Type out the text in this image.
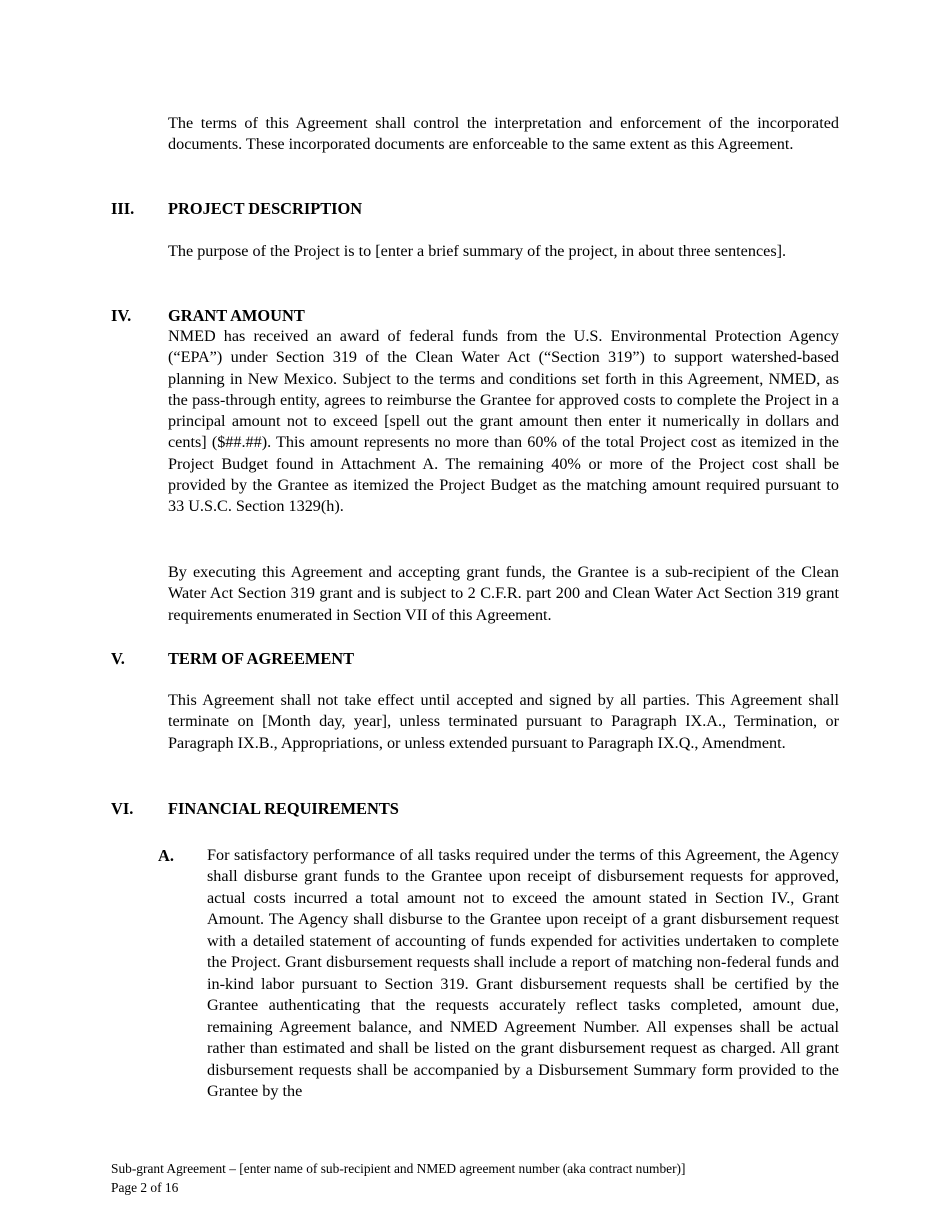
The terms of this Agreement shall control the interpretation and enforcement of the incorporated documents. These incorporated documents are enforceable to the same extent as this Agreement.

III. PROJECT DESCRIPTION

The purpose of the Project is to [enter a brief summary of the project, in about three sentences].

IV. GRANT AMOUNT

NMED has received an award of federal funds from the U.S. Environmental Protection Agency (“EPA”) under Section 319 of the Clean Water Act (“Section 319”) to support watershed-based planning in New Mexico. Subject to the terms and conditions set forth in this Agreement, NMED, as the pass-through entity, agrees to reimburse the Grantee for approved costs to complete the Project in a principal amount not to exceed [spell out the grant amount then enter it numerically in dollars and cents] ($##.##). This amount represents no more than 60% of the total Project cost as itemized in the Project Budget found in Attachment A. The remaining 40% or more of the Project cost shall be provided by the Grantee as itemized the Project Budget as the matching amount required pursuant to 33 U.S.C. Section 1329(h).

By executing this Agreement and accepting grant funds, the Grantee is a sub-recipient of the Clean Water Act Section 319 grant and is subject to 2 C.F.R. part 200 and Clean Water Act Section 319 grant requirements enumerated in Section VII of this Agreement.

V.	TERM OF AGREEMENT

This Agreement shall not take effect until accepted and signed by all parties. This Agreement shall terminate on [Month day, year], unless terminated pursuant to Paragraph IX.A., Termination, or Paragraph IX.B., Appropriations, or unless extended pursuant to Paragraph IX.Q., Amendment.

VI. FINANCIAL REQUIREMENTS
A. For satisfactory performance of all tasks required under the terms of this Agreement, the Agency shall disburse grant funds to the Grantee upon receipt of disbursement requests for approved, actual costs incurred a total amount not to exceed the amount stated in Section IV., Grant Amount. The Agency shall disburse to the Grantee upon receipt of a grant disbursement request with a detailed statement of accounting of funds expended for activities undertaken to complete the Project. Grant disbursement requests shall include a report of matching non-federal funds and in-kind labor pursuant to Section 319. Grant disbursement requests shall be certified by the Grantee authenticating that the requests accurately reflect tasks completed, amount due, remaining Agreement balance, and NMED Agreement Number. All expenses shall be actual rather than estimated and shall be listed on the grant disbursement request as charged. All grant disbursement requests shall be accompanied by a Disbursement Summary form provided to the Grantee by the

Sub-grant Agreement – [enter name of sub-recipient and NMED agreement number (aka contract number)]
Page 2 of 16
